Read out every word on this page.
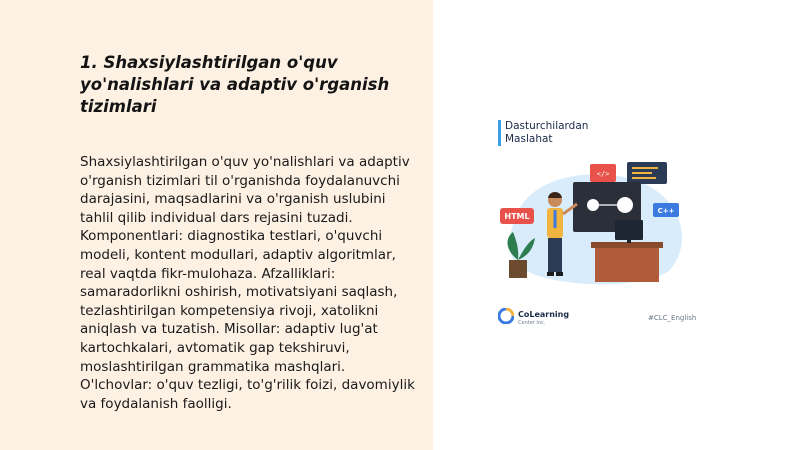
1. Shaxsiylashtirilgan o'quv yo'nalishlari va adaptiv o'rganish tizimlari

Shaxsiylashtirilgan o'quv yo'nalishlari va adaptiv o'rganish tizimlari til o'rganishda foydalanuvchi darajasini, maqsadlarini va o'rganish uslubini tahlil qilib individual dars rejasini tuzadi. Komponentlari: diagnostika testlari, o'quvchi modeli, kontent modullari, adaptiv algoritmlar, real vaqtda fikr-mulohaza. Afzalliklari: samaradorlikni oshirish, motivatsiyani saqlash, tezlashtirilgan kompetensiya rivoji, xatolikni aniqlash va tuzatish. Misollar: adaptiv lug'at kartochkalari, avtomatik gap tekshiruvi, moslashtirilgan grammatika mashqlari. O'lchovlar: o'quv tezligi, to'g'rilik foizi, davomiylik va foydalanish faolligi.

Dasturchilardan
Maslahat
HTML
</>
C++
CoLearning
Center inc.
#CLC_English
